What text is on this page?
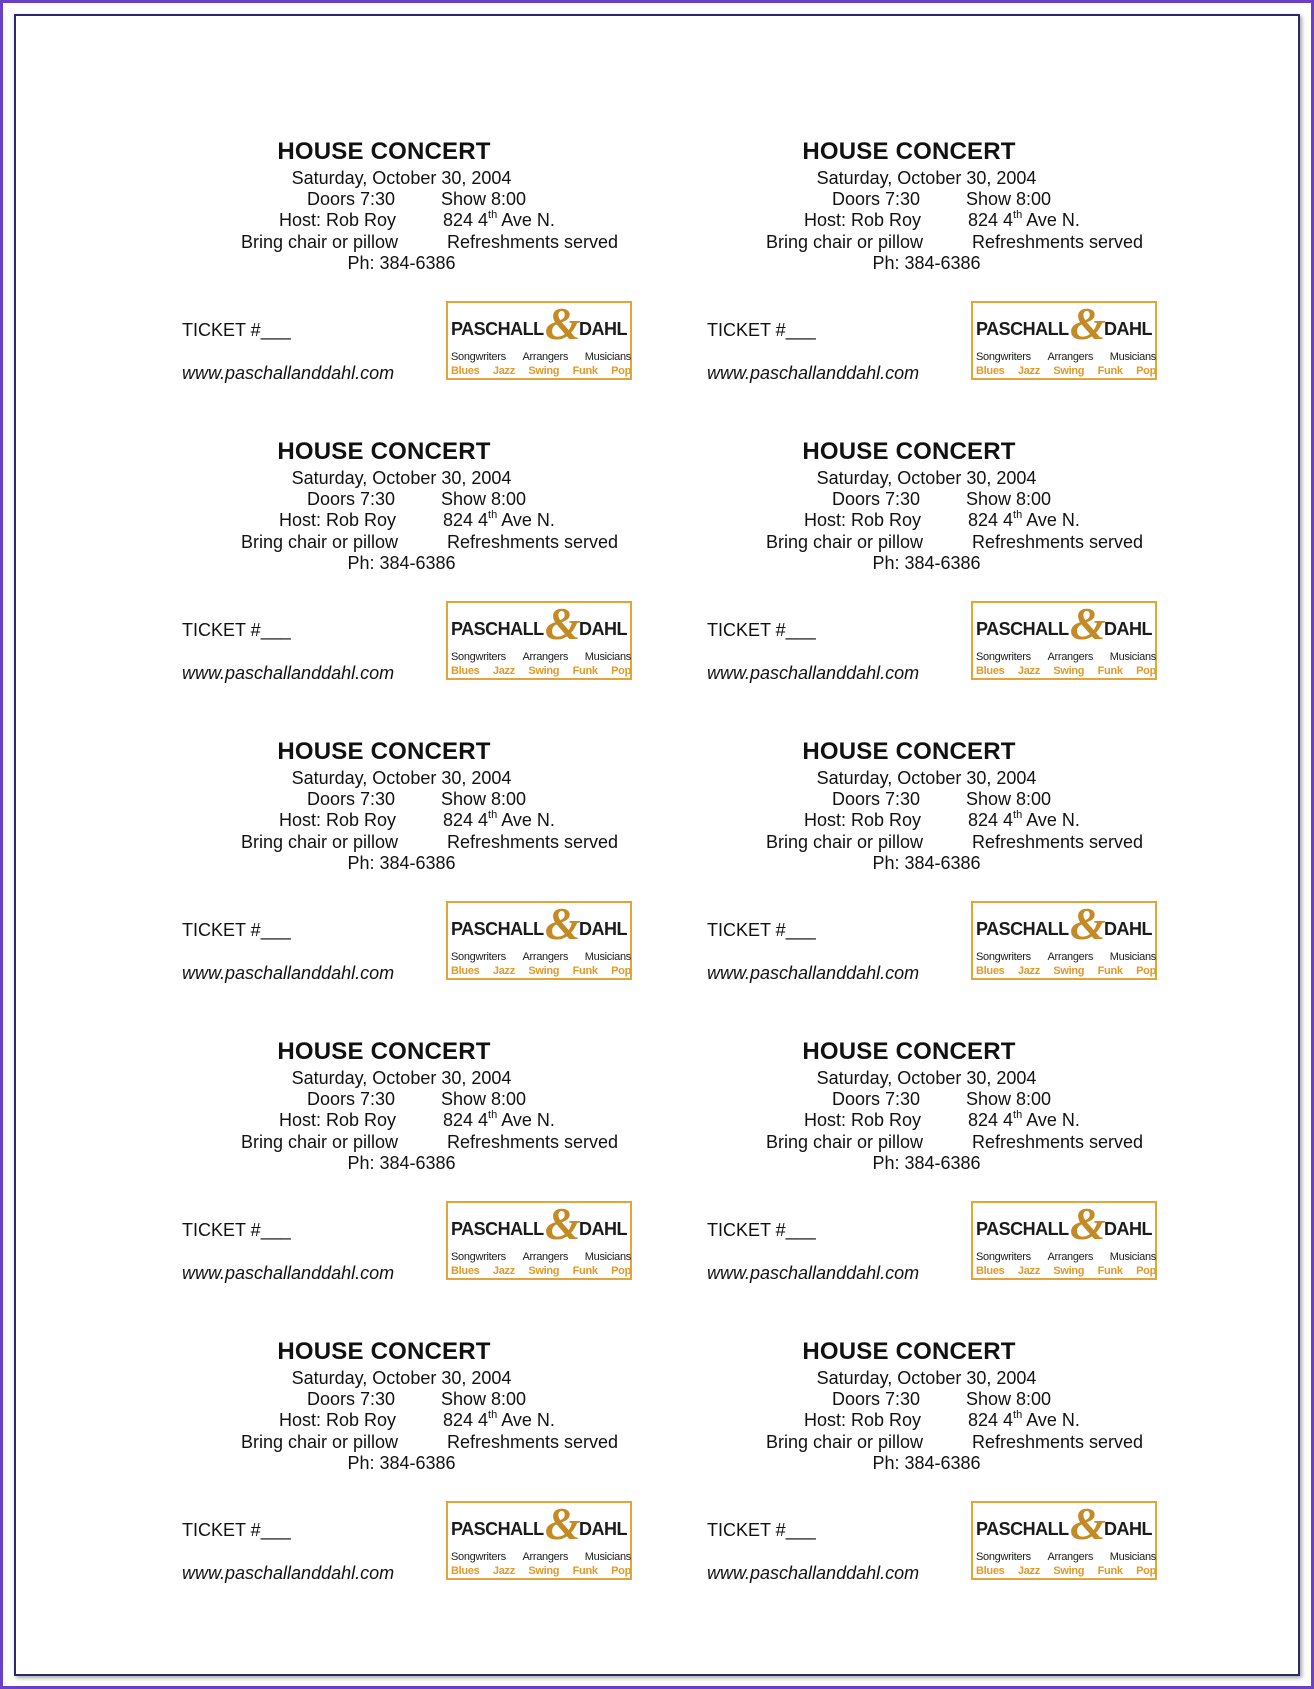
HOUSE CONCERT
Saturday, October 30, 2004
Doors 7:30	Show 8:00
Host: Rob Roy	824 4th Ave N.
Bring chair or pillow	Refreshments served
Ph: 384-6386
TICKET #___
www.paschallanddahl.com
PASCHALL DAHL
&
Songwriters Arrangers Musicians
Blues Jazz Swing Funk Pop
HOUSE CONCERT
Saturday, October 30, 2004
Doors 7:30	Show 8:00
Host: Rob Roy	824 4th Ave N.
Bring chair or pillow	Refreshments served
Ph: 384-6386
TICKET #___
www.paschallanddahl.com
PASCHALL DAHL
&
Songwriters Arrangers Musicians
Blues Jazz Swing Funk Pop
HOUSE CONCERT
Saturday, October 30, 2004
Doors 7:30	Show 8:00
Host: Rob Roy	824 4th Ave N.
Bring chair or pillow	Refreshments served
Ph: 384-6386
TICKET #___
www.paschallanddahl.com
PASCHALL DAHL
&
Songwriters Arrangers Musicians
Blues Jazz Swing Funk Pop
HOUSE CONCERT
Saturday, October 30, 2004
Doors 7:30	Show 8:00
Host: Rob Roy	824 4th Ave N.
Bring chair or pillow	Refreshments served
Ph: 384-6386
TICKET #___
www.paschallanddahl.com
PASCHALL DAHL
&
Songwriters Arrangers Musicians
Blues Jazz Swing Funk Pop
HOUSE CONCERT
Saturday, October 30, 2004
Doors 7:30	Show 8:00
Host: Rob Roy	824 4th Ave N.
Bring chair or pillow	Refreshments served
Ph: 384-6386
TICKET #___
www.paschallanddahl.com
PASCHALL DAHL
&
Songwriters Arrangers Musicians
Blues Jazz Swing Funk Pop
HOUSE CONCERT
Saturday, October 30, 2004
Doors 7:30	Show 8:00
Host: Rob Roy	824 4th Ave N.
Bring chair or pillow	Refreshments served
Ph: 384-6386
TICKET #___
www.paschallanddahl.com
PASCHALL DAHL
&
Songwriters Arrangers Musicians
Blues Jazz Swing Funk Pop
HOUSE CONCERT
Saturday, October 30, 2004
Doors 7:30	Show 8:00
Host: Rob Roy	824 4th Ave N.
Bring chair or pillow	Refreshments served
Ph: 384-6386
TICKET #___
www.paschallanddahl.com
PASCHALL DAHL
&
Songwriters Arrangers Musicians
Blues Jazz Swing Funk Pop
HOUSE CONCERT
Saturday, October 30, 2004
Doors 7:30	Show 8:00
Host: Rob Roy	824 4th Ave N.
Bring chair or pillow	Refreshments served
Ph: 384-6386
TICKET #___
www.paschallanddahl.com
PASCHALL DAHL
&
Songwriters Arrangers Musicians
Blues Jazz Swing Funk Pop
HOUSE CONCERT
Saturday, October 30, 2004
Doors 7:30	Show 8:00
Host: Rob Roy	824 4th Ave N.
Bring chair or pillow	Refreshments served
Ph: 384-6386
TICKET #___
www.paschallanddahl.com
PASCHALL DAHL
&
Songwriters Arrangers Musicians
Blues Jazz Swing Funk Pop
HOUSE CONCERT
Saturday, October 30, 2004
Doors 7:30	Show 8:00
Host: Rob Roy	824 4th Ave N.
Bring chair or pillow	Refreshments served
Ph: 384-6386
TICKET #___
www.paschallanddahl.com
PASCHALL DAHL
&
Songwriters Arrangers Musicians
Blues Jazz Swing Funk Pop
